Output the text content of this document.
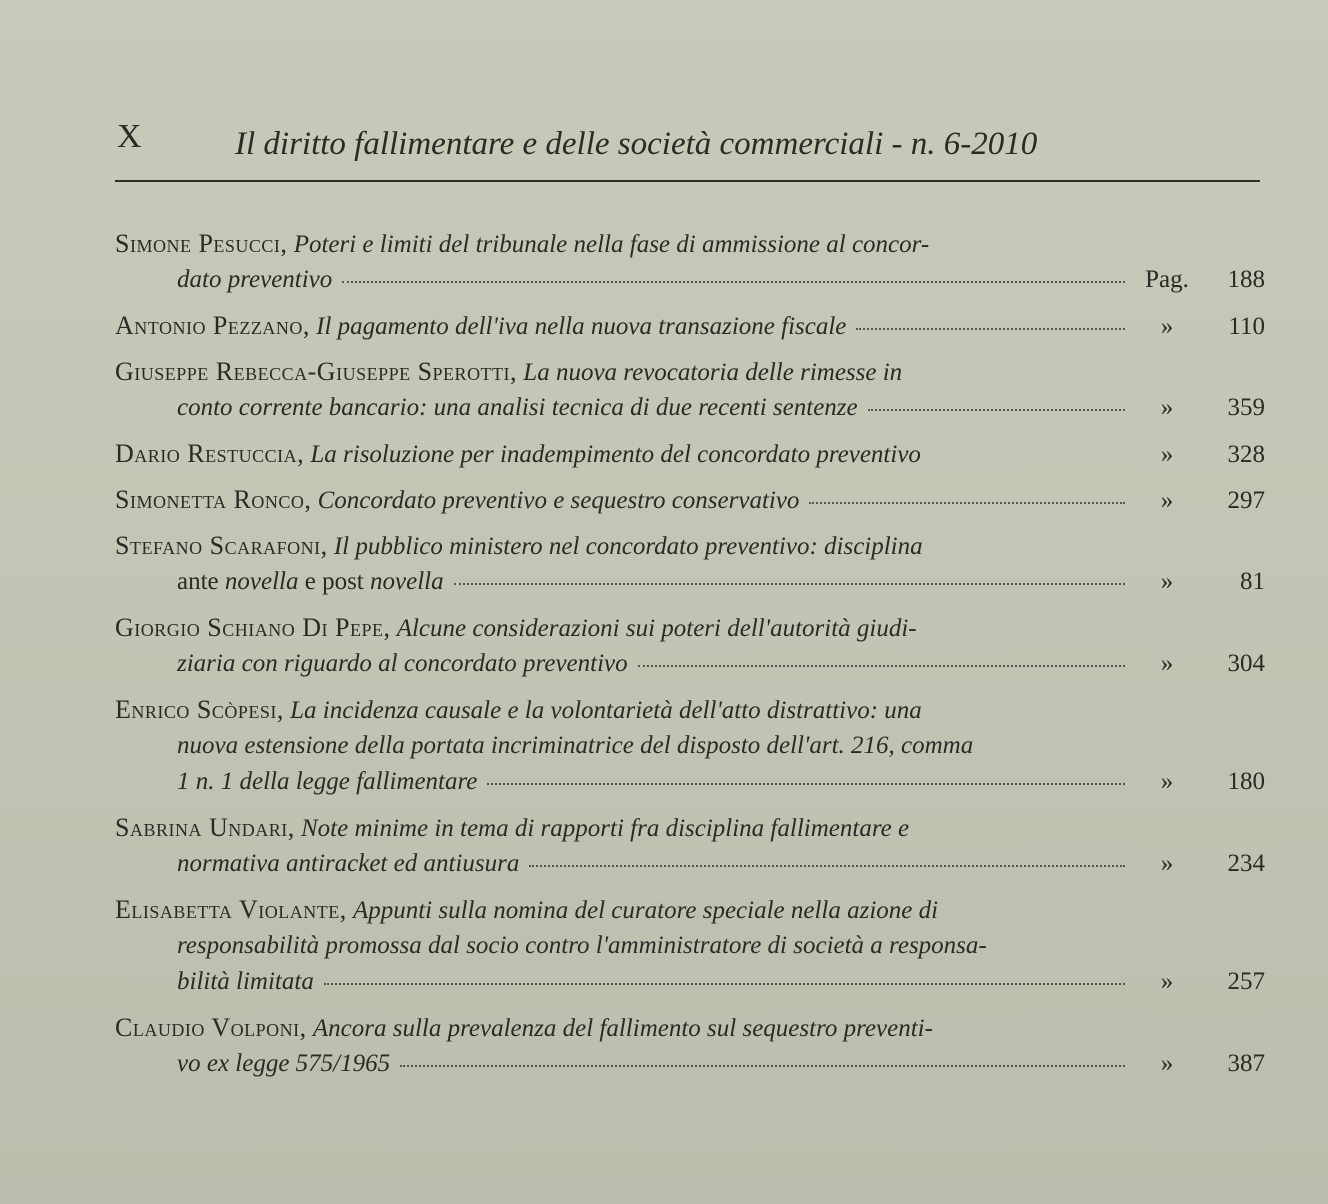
X	Il diritto fallimentare e delle società commerciali - n. 6-2010
Simone Pesucci, Poteri e limiti del tribunale nella fase di ammissione al concor-
dato preventivo	Pag.	188
Antonio Pezzano, Il pagamento dell'iva nella nuova transazione fiscale	»	110
Giuseppe Rebecca-Giuseppe Sperotti, La nuova revocatoria delle rimesse in
conto corrente bancario: una analisi tecnica di due recenti sentenze	»	359
Dario Restuccia, La risoluzione per inadempimento del concordato preventivo	»	328
Simonetta Ronco, Concordato preventivo e sequestro conservativo	»	297
Stefano Scarafoni, Il pubblico ministero nel concordato preventivo: disciplina
ante novella e post novella	»	81
Giorgio Schiano Di Pepe, Alcune considerazioni sui poteri dell'autorità giudi-
ziaria con riguardo al concordato preventivo	»	304
Enrico Scòpesi, La incidenza causale e la volontarietà dell'atto distrattivo: una
nuova estensione della portata incriminatrice del disposto dell'art. 216, comma
1 n. 1 della legge fallimentare	»	180
Sabrina Undari, Note minime in tema di rapporti fra disciplina fallimentare e
normativa antiracket ed antiusura	»	234
Elisabetta Violante, Appunti sulla nomina del curatore speciale nella azione di
responsabilità promossa dal socio contro l'amministratore di società a responsa-
bilità limitata	»	257
Claudio Volponi, Ancora sulla prevalenza del fallimento sul sequestro preventi-
vo ex legge 575/1965	»	387
